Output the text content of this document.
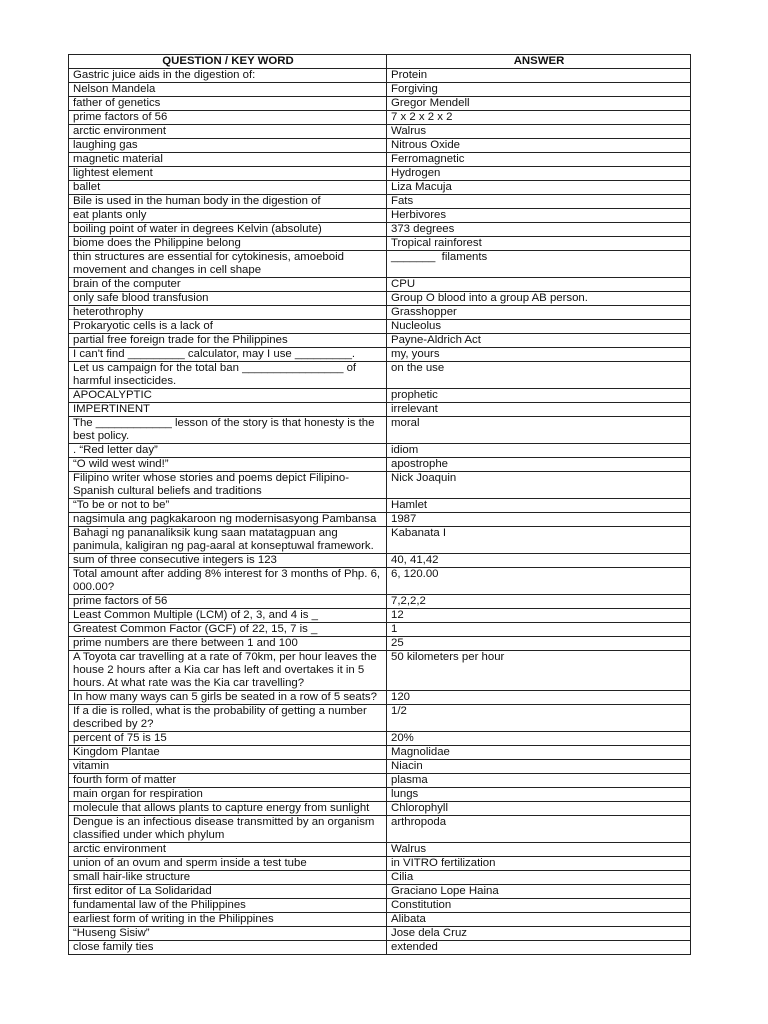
QUESTION / KEY WORD	ANSWER
Gastric juice aids in the digestion of:	Protein
Nelson Mandela	Forgiving
father of genetics	Gregor Mendell
prime factors of 56	7 x 2 x 2 x 2
arctic environment	Walrus
laughing gas	Nitrous Oxide
magnetic material	Ferromagnetic
lightest element	Hydrogen
ballet	Liza Macuja
Bile is used in the human body in the digestion of	Fats
eat plants only	Herbivores
boiling point of water in degrees Kelvin (absolute)	373 degrees
biome does the Philippine belong	Tropical rainforest
thin structures are essential for cytokinesis, amoeboid movement and changes in cell shape	_______  filaments
brain of the computer	CPU
only safe blood transfusion	Group O blood into a group AB person.
heterothrophy	Grasshopper
Prokaryotic cells is a lack of	Nucleolus
partial free foreign trade for the Philippines	Payne-Aldrich Act
I can't find _________ calculator, may I use _________.	my, yours
Let us campaign for the total ban ________________ of harmful insecticides.	on the use
APOCALYPTIC	prophetic
IMPERTINENT	irrelevant
The ____________ lesson of the story is that honesty is the best policy.	moral
. “Red letter day”	idiom
“O wild west wind!”	apostrophe
Filipino writer whose stories and poems depict Filipino-Spanish cultural beliefs and traditions	Nick Joaquin
“To be or not to be”	Hamlet
nagsimula ang pagkakaroon ng modernisasyong Pambansa	1987
Bahagi ng pananaliksik kung saan matatagpuan ang panimula, kaligiran ng pag-aaral at konseptuwal framework.	Kabanata I
sum of three consecutive integers is 123	40, 41,42
Total amount after adding 8% interest for 3 months of Php. 6, 000.00?	6, 120.00
prime factors of 56	7,2,2,2
Least Common Multiple (LCM) of 2, 3, and 4 is _	12
Greatest Common Factor (GCF) of 22, 15, 7 is _	1
prime numbers are there between 1 and 100	25
A Toyota car travelling at a rate of 70km, per hour leaves the house 2 hours after a Kia car has left and overtakes it in 5 hours. At what rate was the Kia car travelling?	50 kilometers per hour
In how many ways can 5 girls be seated in a row of 5 seats?	120
If a die is rolled, what is the probability of getting a number described by 2?	1/2
percent of 75 is 15	20%
Kingdom Plantae	Magnolidae
vitamin	Niacin
fourth form of matter	plasma
main organ for respiration	lungs
molecule that allows plants to capture energy from sunlight	Chlorophyll
Dengue is an infectious disease transmitted by an organism classified under which phylum	arthropoda
arctic environment	Walrus
union of an ovum and sperm inside a test tube	in VITRO fertilization
small hair-like structure	Cilia
first editor of La Solidaridad	Graciano Lope Haina
fundamental law of the Philippines	Constitution
earliest form of writing in the Philippines	Alibata
“Huseng Sisiw”	Jose dela Cruz
close family ties	extended
